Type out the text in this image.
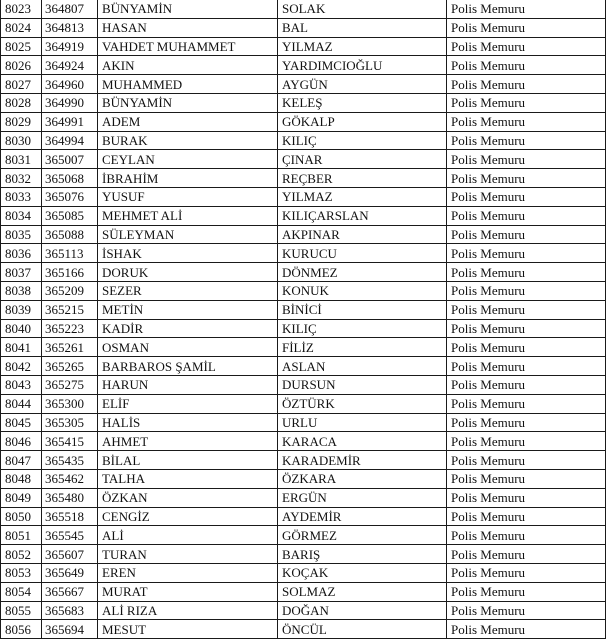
8023	364807	BÜNYAMİN	SOLAK	Polis Memuru
8024	364813	HASAN	BAL	Polis Memuru
8025	364919	VAHDET MUHAMMET	YILMAZ	Polis Memuru
8026	364924	AKIN	YARDIMCIOĞLU	Polis Memuru
8027	364960	MUHAMMED	AYGÜN	Polis Memuru
8028	364990	BÜNYAMİN	KELEŞ	Polis Memuru
8029	364991	ADEM	GÖKALP	Polis Memuru
8030	364994	BURAK	KILIÇ	Polis Memuru
8031	365007	CEYLAN	ÇINAR	Polis Memuru
8032	365068	İBRAHİM	REÇBER	Polis Memuru
8033	365076	YUSUF	YILMAZ	Polis Memuru
8034	365085	MEHMET ALİ	KILIÇARSLAN	Polis Memuru
8035	365088	SÜLEYMAN	AKPINAR	Polis Memuru
8036	365113	İSHAK	KURUCU	Polis Memuru
8037	365166	DORUK	DÖNMEZ	Polis Memuru
8038	365209	SEZER	KONUK	Polis Memuru
8039	365215	METİN	BİNİCİ	Polis Memuru
8040	365223	KADİR	KILIÇ	Polis Memuru
8041	365261	OSMAN	FİLİZ	Polis Memuru
8042	365265	BARBAROS ŞAMİL	ASLAN	Polis Memuru
8043	365275	HARUN	DURSUN	Polis Memuru
8044	365300	ELİF	ÖZTÜRK	Polis Memuru
8045	365305	HALİS	URLU	Polis Memuru
8046	365415	AHMET	KARACA	Polis Memuru
8047	365435	BİLAL	KARADEMİR	Polis Memuru
8048	365462	TALHA	ÖZKARA	Polis Memuru
8049	365480	ÖZKAN	ERGÜN	Polis Memuru
8050	365518	CENGİZ	AYDEMİR	Polis Memuru
8051	365545	ALİ	GÖRMEZ	Polis Memuru
8052	365607	TURAN	BARIŞ	Polis Memuru
8053	365649	EREN	KOÇAK	Polis Memuru
8054	365667	MURAT	SOLMAZ	Polis Memuru
8055	365683	ALİ RIZA	DOĞAN	Polis Memuru
8056	365694	MESUT	ÖNCÜL	Polis Memuru
